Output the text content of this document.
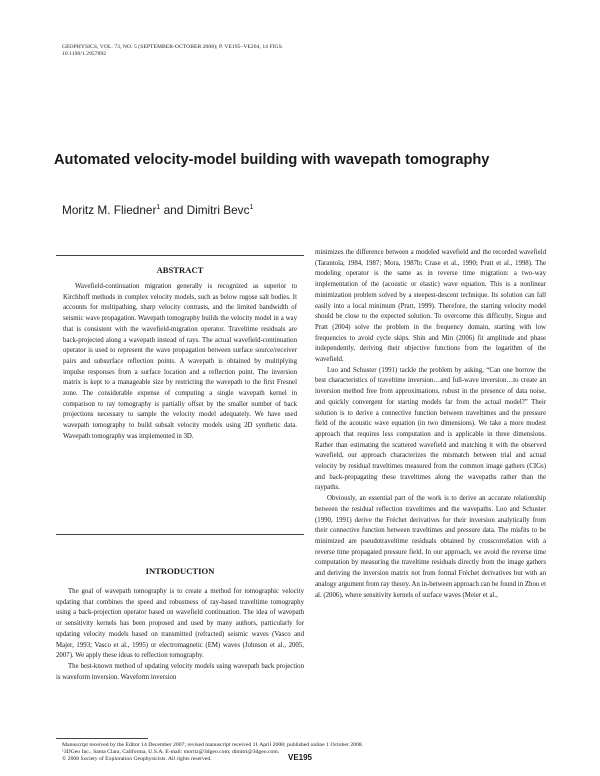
GEOPHYSICS, VOL. 73, NO. 5 (SEPTEMBER-OCTOBER 2008); P. VE195–VE204, 14 FIGS.
10.1190/1.2957892
Automated velocity-model building with wavepath tomography
Moritz M. Fliedner$^1$ and Dimitri Bevc$^1$
ABSTRACT
Wavefield-continuation migration generally is recognized as superior to Kirchhoff methods in complex velocity models, such as below rugose salt bodies. It accounts for multipathing, sharp velocity contrasts, and the limited bandwidth of seismic wave propagation. Wavepath tomography builds the velocity model in a way that is consistent with the wavefield-migration operator. Traveltime residuals are back-projected along a wavepath instead of rays. The actual wavefield-continuation operator is used to represent the wave propagation between surface source/receiver pairs and subsurface reflection points. A wavepath is obtained by multiplying impulse responses from a surface location and a reflection point. The inversion matrix is kept to a manageable size by restricting the wavepath to the first Fresnel zone. The considerable expense of computing a single wavepath kernel in comparison to ray tomography is partially offset by the smaller number of back projections necessary to sample the velocity model adequately. We have used wavepath tomography to build subsalt velocity models using 2D synthetic data. Wavepath tomography was implemented in 3D.
INTRODUCTION

The goal of wavepath tomography is to create a method for tomographic velocity updating that combines the speed and robustness of ray-based traveltime tomography using a back-projection operator based on wavefield continuation. The idea of wavepath or sensitivity kernels has been proposed and used by many authors, particularly for updating velocity models based on transmitted (refracted) seismic waves (Vasco and Majer, 1993; Vasco et al., 1995) or electromagnetic (EM) waves (Johnson et al., 2005, 2007). We apply these ideas to reflection tomography.

The best-known method of updating velocity models using wavepath back projection is waveform inversion. Waveform inversion

minimizes the difference between a modeled wavefield and the recorded wavefield (Tarantola, 1984, 1987; Mora, 1987b; Crase et al., 1990; Pratt et al., 1998). The modeling operator is the same as in reverse time migration: a two-way implementation of the (acoustic or elastic) wave equation. This is a nonlinear minimization problem solved by a steepest-descent technique. Its solution can fall easily into a local minimum (Pratt, 1999). Therefore, the starting velocity model should be close to the expected solution. To overcome this difficulty, Sirgue and Pratt (2004) solve the problem in the frequency domain, starting with low frequencies to avoid cycle skips. Shin and Min (2006) fit amplitude and phase independently, deriving their objective functions from the logarithm of the wavefield.

Luo and Schuster (1991) tackle the problem by asking, “Can one borrow the best characteristics of traveltime inversion…and full-wave inversion…to create an inversion method free from approximations, robust in the presence of data noise, and quickly convergent for starting models far from the actual model?” Their solution is to derive a connective function between traveltimes and the pressure field of the acoustic wave equation (in two dimensions). We take a more modest approach that requires less computation and is applicable in three dimensions. Rather than estimating the scattered wavefield and matching it with the observed wavefield, our approach characterizes the mismatch between trial and actual velocity by residual traveltimes measured from the common image gathers (CIGs) and back-propagating these traveltimes along the wavepaths rather than the raypaths.

Obviously, an essential part of the work is to derive an accurate relationship between the residual reflection traveltimes and the wavepaths. Luo and Schuster (1990, 1991) derive the Fréchet derivatives for their inversion analytically from their connective function between traveltimes and pressure data. The misfits to be minimized are pseudotraveltime residuals obtained by crosscorrelation with a reverse time propagated pressure field. In our approach, we avoid the reverse time computation by measuring the traveltime residuals directly from the image gathers and deriving the inversion matrix not from formal Fréchet derivatives but with an analogy argument from ray theory. An in-between approach can be found in Zhou et al. (2006), where sensitivity kernels of surface waves (Meier et al.,

Manuscript received by the Editor 14 December 2007; revised manuscript received 11 April 2008; published online 1 October 2008.
¹3DGeo Inc., Santa Clara, California, U.S.A. E-mail: moritz@3dgeo.com; dimitri@3dgeo.com.
© 2008 Society of Exploration Geophysicists. All rights reserved.	VE195
